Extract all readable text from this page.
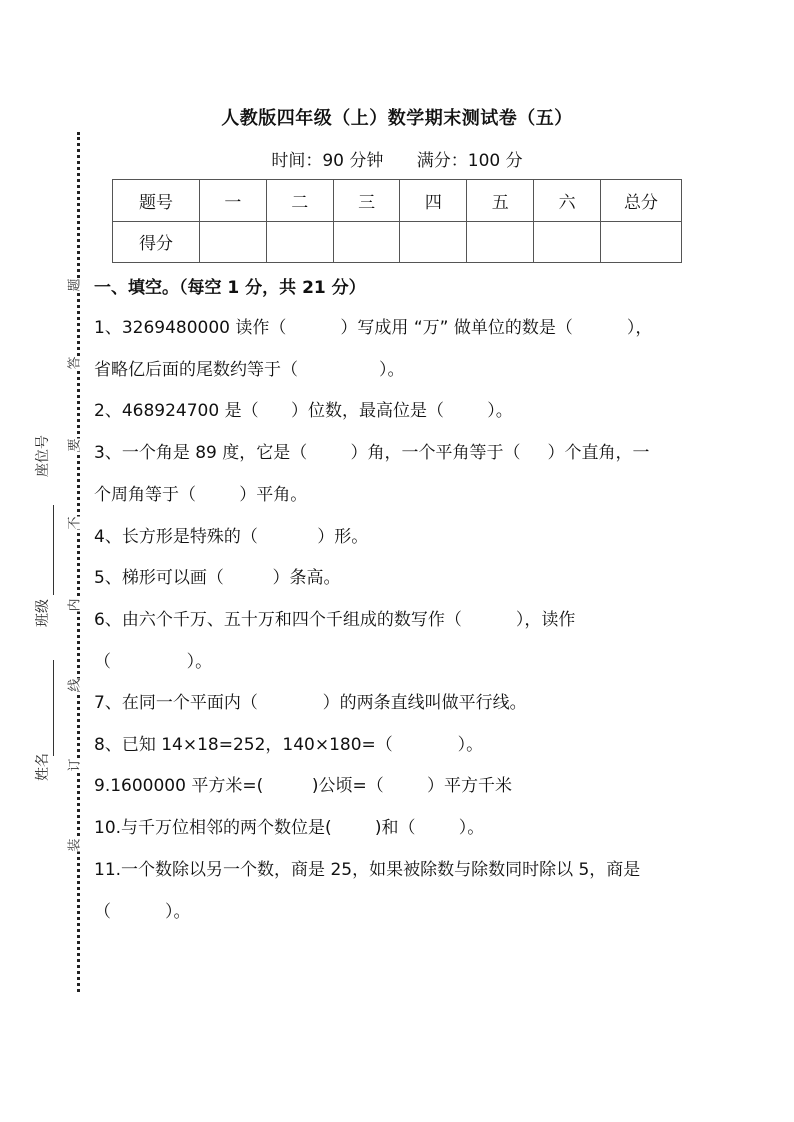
人教版四年级（上）数学期末测试卷（五）
时间：90 分钟 满分：100 分
题号	一	二	三	四	五	六	总分
得分							
题
答
要
不
内
线
订
装
座位号
班级
姓名
一、填空。（每空 1 分，共 21 分）
1、3269480000 读作（          ）写成用 “万” 做单位的数是（          ），
省略亿后面的尾数约等于（               ）。
2、468924700 是（      ）位数，最高位是（        ）。
3、一个角是 89 度，它是（        ）角，一个平角等于（     ）个直角，一
个周角等于（        ）平角。
4、长方形是特殊的（           ）形。
5、梯形可以画（         ）条高。
6、由六个千万、五十万和四个千组成的数写作（          ），读作
（              ）。
7、在同一个平面内（            ）的两条直线叫做平行线。
8、已知 14×18=252，140×180=（            ）。
9.1600000 平方米=(         )公顷=（        ）平方千米
10.与千万位相邻的两个数位是(        )和（        ）。
11.一个数除以另一个数，商是 25，如果被除数与除数同时除以 5，商是
（          ）。
